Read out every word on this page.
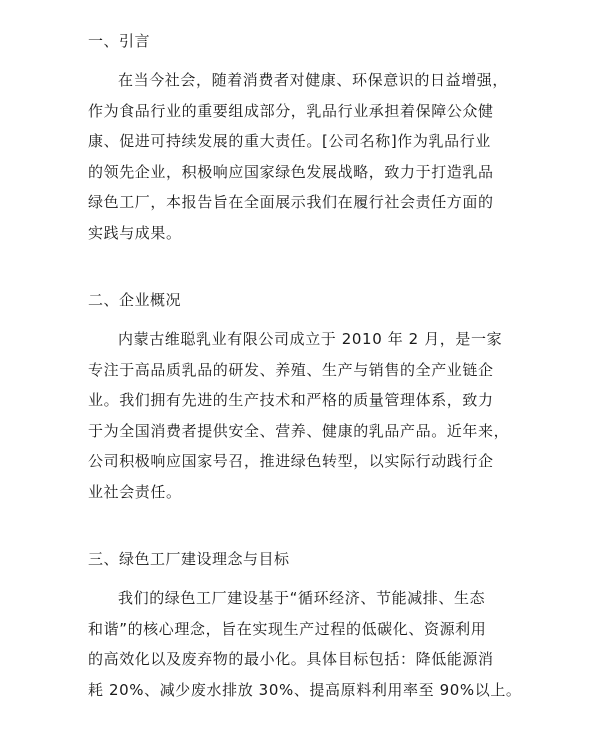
一、引言
在当今社会，随着消费者对健康、环保意识的日益增强，
作为食品行业的重要组成部分，乳品行业承担着保障公众健
康、促进可持续发展的重大责任。[公司名称]作为乳品行业
的领先企业，积极响应国家绿色发展战略，致力于打造乳品
绿色工厂，本报告旨在全面展示我们在履行社会责任方面的
实践与成果。
二、企业概况
内蒙古维聪乳业有限公司成立于 2010 年 2 月，是一家
专注于高品质乳品的研发、养殖、生产与销售的全产业链企
业。我们拥有先进的生产技术和严格的质量管理体系，致力
于为全国消费者提供安全、营养、健康的乳品产品。近年来，
公司积极响应国家号召，推进绿色转型，以实际行动践行企
业社会责任。
三、绿色工厂建设理念与目标
我们的绿色工厂建设基于“循环经济、节能减排、生态
和谐”的核心理念，旨在实现生产过程的低碳化、资源利用
的高效化以及废弃物的最小化。具体目标包括：降低能源消
耗 20%、减少废水排放 30%、提高原料利用率至 90%以上。
